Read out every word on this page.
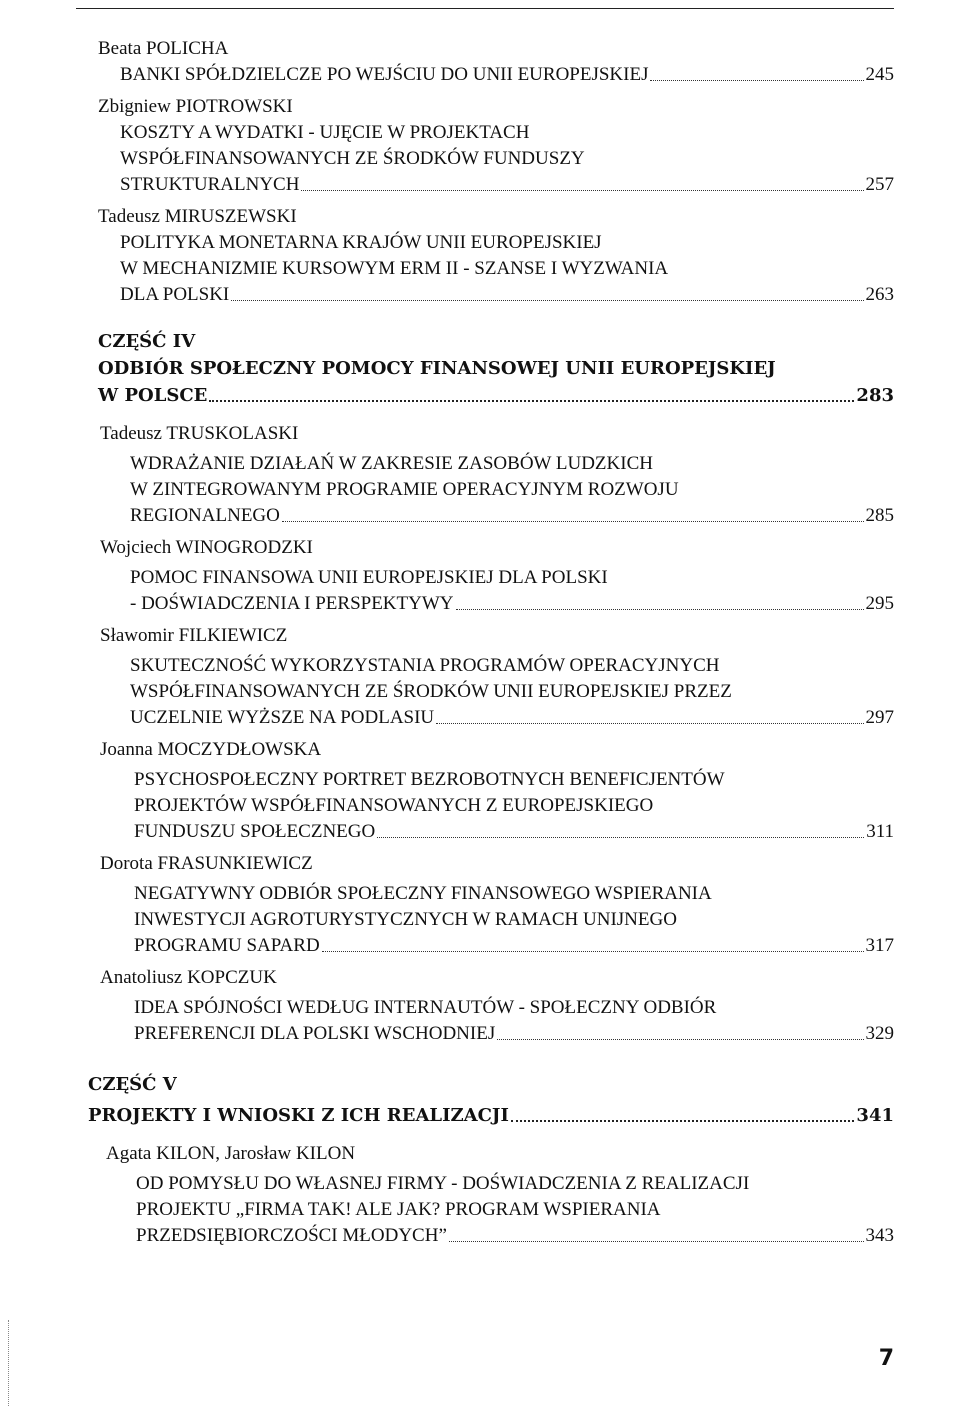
Beata POLICHA
BANKI SPÓŁDZIELCZE PO WEJŚCIU DO UNII EUROPEJSKIEJ	245
Zbigniew PIOTROWSKI
KOSZTY A WYDATKI - UJĘCIE W PROJEKTACH
WSPÓŁFINANSOWANYCH ZE ŚRODKÓW FUNDUSZY
STRUKTURALNYCH	257
Tadeusz MIRUSZEWSKI
POLITYKA MONETARNA KRAJÓW UNII EUROPEJSKIEJ
W MECHANIZMIE KURSOWYM ERM II - SZANSE I WYZWANIA
DLA POLSKI	263
CZĘŚĆ IV
ODBIÓR SPOŁECZNY POMOCY FINANSOWEJ UNII EUROPEJSKIEJ
W POLSCE	283
Tadeusz TRUSKOLASKI
WDRAŻANIE DZIAŁAŃ W ZAKRESIE ZASOBÓW LUDZKICH
W ZINTEGROWANYM PROGRAMIE OPERACYJNYM ROZWOJU
REGIONALNEGO	285
Wojciech WINOGRODZKI
POMOC FINANSOWA UNII EUROPEJSKIEJ DLA POLSKI
- DOŚWIADCZENIA I PERSPEKTYWY	295
Sławomir FILKIEWICZ
SKUTECZNOŚĆ WYKORZYSTANIA PROGRAMÓW OPERACYJNYCH
WSPÓŁFINANSOWANYCH ZE ŚRODKÓW UNII EUROPEJSKIEJ PRZEZ
UCZELNIE WYŻSZE NA PODLASIU	297
Joanna MOCZYDŁOWSKA
PSYCHOSPOŁECZNY PORTRET BEZROBOTNYCH BENEFICJENTÓW
PROJEKTÓW WSPÓŁFINANSOWANYCH Z EUROPEJSKIEGO
FUNDUSZU SPOŁECZNEGO	311
Dorota FRASUNKIEWICZ
NEGATYWNY ODBIÓR SPOŁECZNY FINANSOWEGO WSPIERANIA
INWESTYCJI AGROTURYSTYCZNYCH W RAMACH UNIJNEGO
PROGRAMU SAPARD	317
Anatoliusz KOPCZUK
IDEA SPÓJNOŚCI WEDŁUG INTERNAUTÓW - SPOŁECZNY ODBIÓR
PREFERENCJI DLA POLSKI WSCHODNIEJ	329
CZĘŚĆ V
PROJEKTY I WNIOSKI Z ICH REALIZACJI	341
Agata KILON, Jarosław KILON
OD POMYSŁU DO WŁASNEJ FIRMY - DOŚWIADCZENIA Z REALIZACJI
PROJEKTU „FIRMA TAK! ALE JAK? PROGRAM WSPIERANIA
PRZEDSIĘBIORCZOŚCI MŁODYCH”	343
7
